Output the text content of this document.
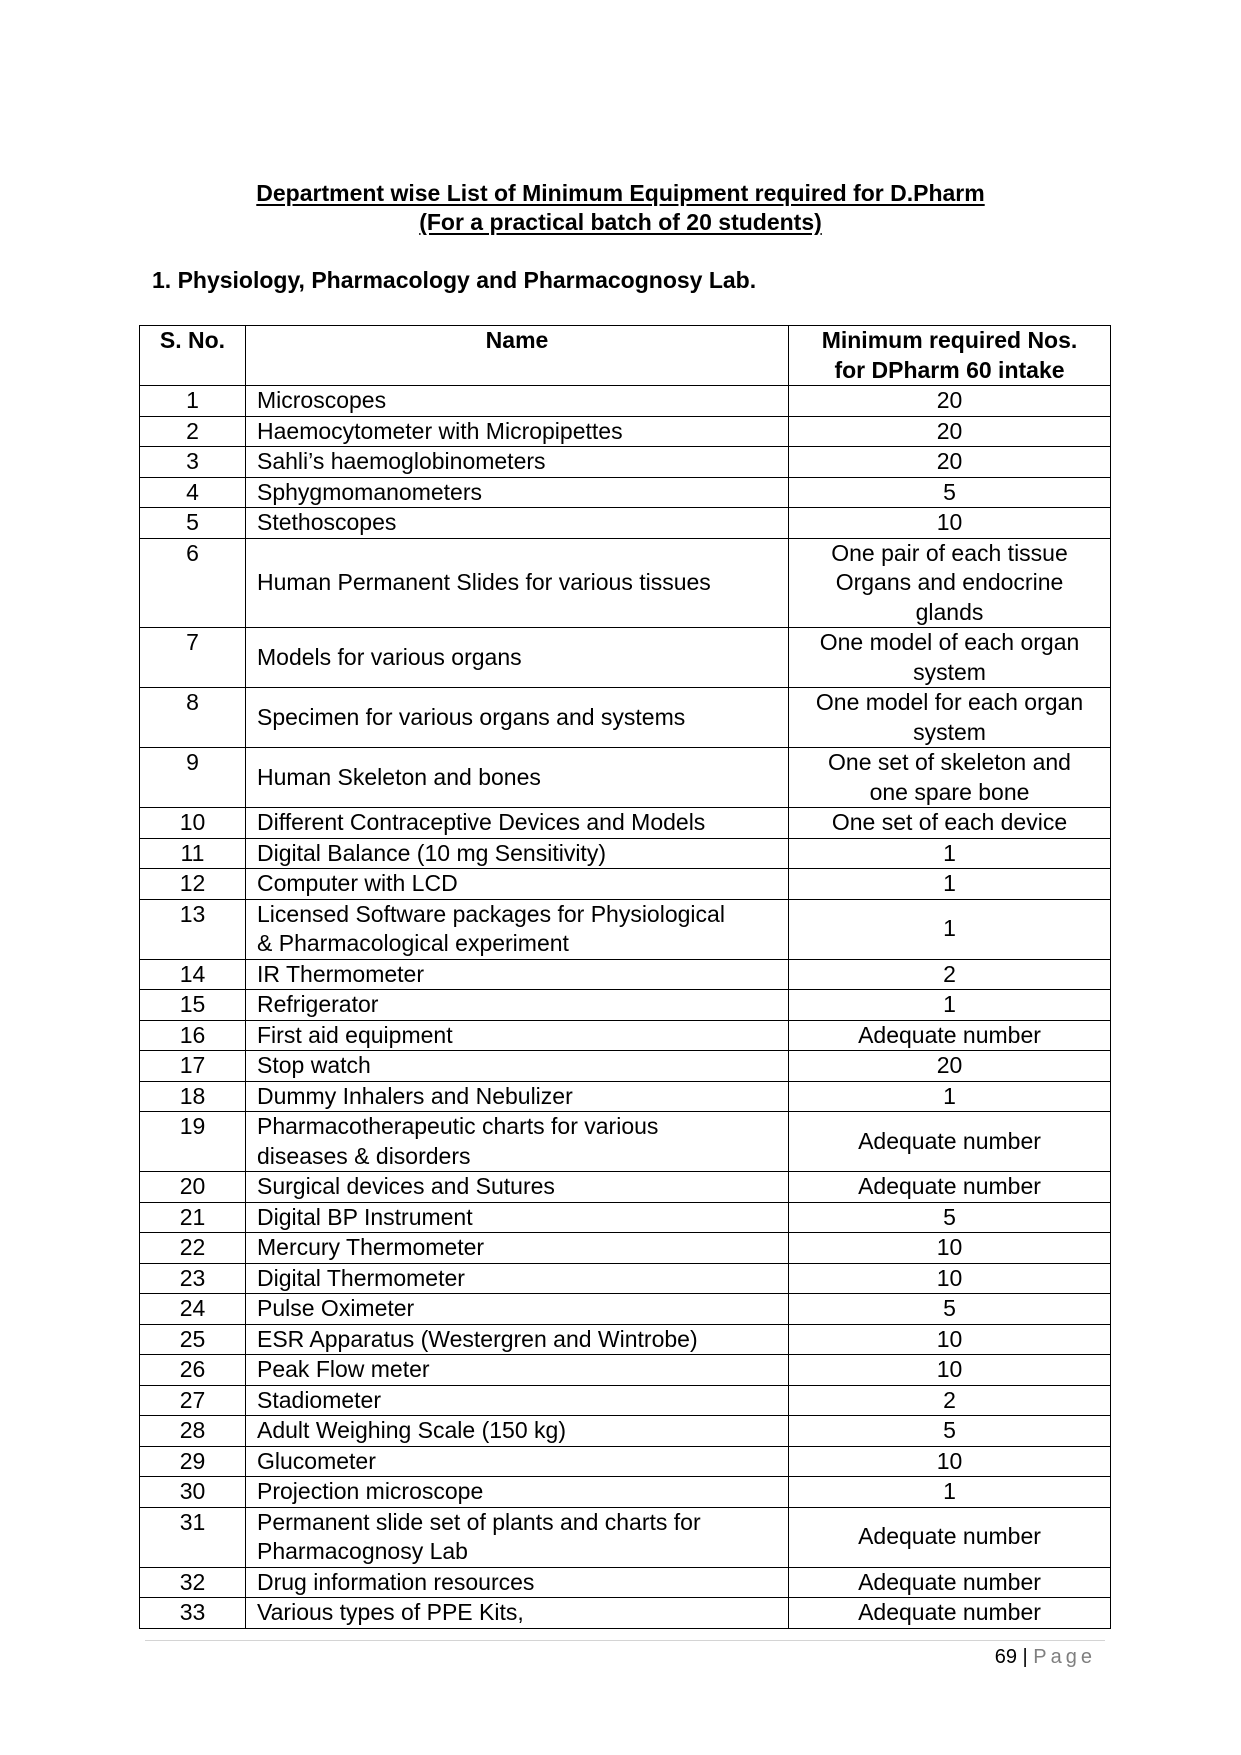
Department wise List of Minimum Equipment required for D.Pharm
(For a practical batch of 20 students)
1. Physiology, Pharmacology and Pharmacognosy Lab.
S. No.	Name	Minimum required Nos.
for DPharm 60 intake
1	Microscopes	20
2	Haemocytometer with Micropipettes	20
3	Sahli’s haemoglobinometers	20
4	Sphygmomanometers	5
5	Stethoscopes	10
6	Human Permanent Slides for various tissues	One pair of each tissue
Organs and endocrine
glands
7	Models for various organs	One model of each organ
system
8	Specimen for various organs and systems	One model for each organ
system
9	Human Skeleton and bones	One set of skeleton and
one spare bone
10	Different Contraceptive Devices and Models	One set of each device
11	Digital Balance (10 mg Sensitivity)	1
12	Computer with LCD	1
13	Licensed Software packages for Physiological
& Pharmacological experiment	1
14	IR Thermometer	2
15	Refrigerator	1
16	First aid equipment	Adequate number
17	Stop watch	20
18	Dummy Inhalers and Nebulizer	1
19	Pharmacotherapeutic charts for various
diseases & disorders	Adequate number
20	Surgical devices and Sutures	Adequate number
21	Digital BP Instrument	5
22	Mercury Thermometer	10
23	Digital Thermometer	10
24	Pulse Oximeter	5
25	ESR Apparatus (Westergren and Wintrobe)	10
26	Peak Flow meter	10
27	Stadiometer	2
28	Adult Weighing Scale (150 kg)	5
29	Glucometer	10
30	Projection microscope	1
31	Permanent slide set of plants and charts for
Pharmacognosy Lab	Adequate number
32	Drug information resources	Adequate number
33	Various types of PPE Kits,	Adequate number
69 | Page
